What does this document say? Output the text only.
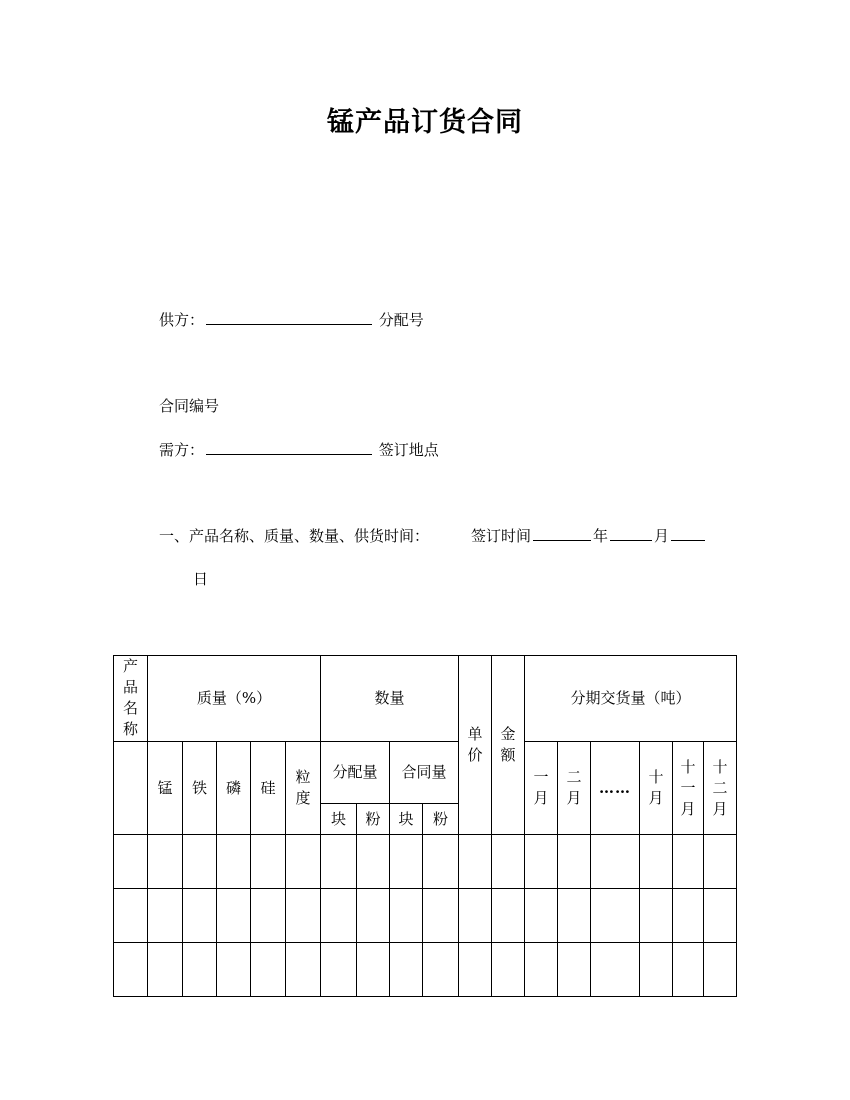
锰产品订货合同
供方：	分配号
合同编号
需方：	签订地点
一、产品名称、质量、数量、供货时间：	签订时间	年	月
日
产品名称	质量（%）					数量				单价	金额	分期交货量（吨）					
	锰	铁	磷	硅	粒度	分配量		合同量				一月	二月	……	十月	十一月	十二月
						块	粉	块	粉								
